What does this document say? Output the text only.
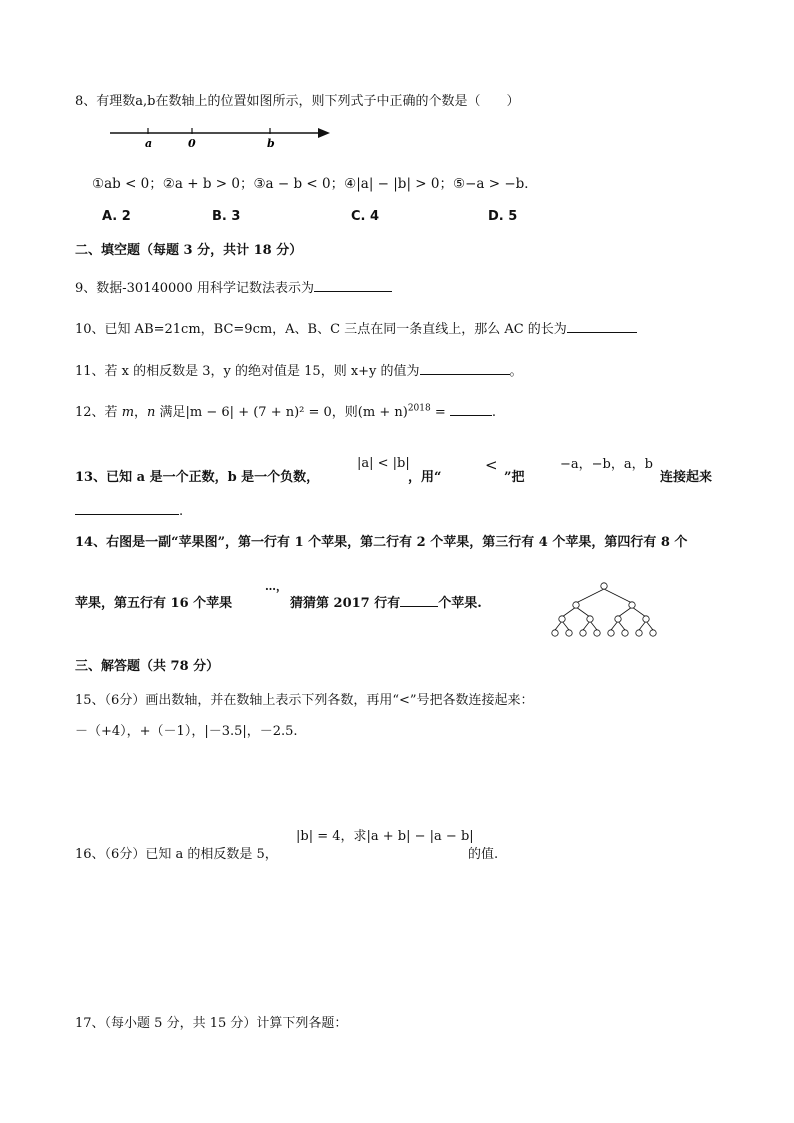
8、有理数a,b在数轴上的位置如图所示，则下列式子中正确的个数是（　　）
a	0	b
①ab < 0；②a + b > 0；③a − b < 0；④|a| − |b| > 0；⑤−a > −b．
A. 2	B. 3	C. 4	D. 5
二、填空题（每题 3 分，共计 18 分）
9、数据-30140000 用科学记数法表示为
10、已知 AB=21cm，BC=9cm，A、B、C 三点在同一条直线上，那么 AC 的长为
11、若 x 的相反数是 3，y 的绝对值是 15，则 x+y 的值为	。
12、若 m，n 满足|m − 6| + (7 + n)² = 0，则$(m + n)^{2018}$ =	.
13、已知 a 是一个正数，b 是一个负数，
|a| < |b|
，用“
<
”把
−a，−b，a，b
连接起来
.
14、右图是一副“苹果图”，第一行有 1 个苹果，第二行有 2 个苹果，第三行有 4 个苹果，第四行有 8 个
苹果，第五行有 16 个苹果
…，
猜猜第 2017 行有	个苹果.
三、解答题（共 78 分）
15、（6分）画出数轴，并在数轴上表示下列各数，再用“<”号把各数连接起来：
－（+4），+（－1），|－3.5|，－2.5.
16、（6分）已知 a 的相反数是 5，
|b| = 4，求|a + b| − |a − b|
的值.
17、（每小题 5 分，共 15 分）计算下列各题：
